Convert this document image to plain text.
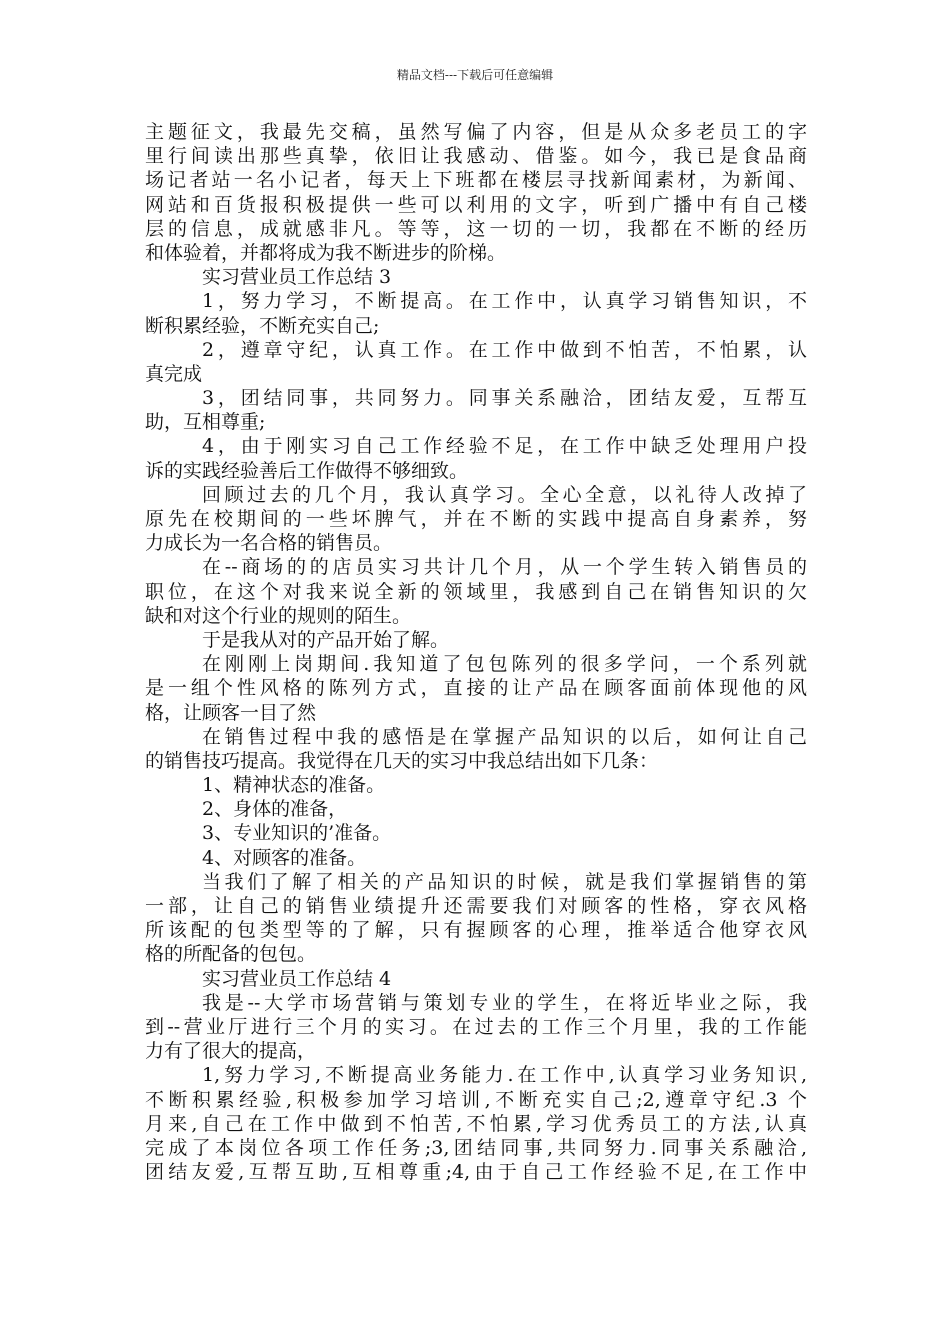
精品文档---下载后可任意编辑
主题征文，我最先交稿，虽然写偏了内容，但是从众多老员工的字
里行间读出那些真挚，依旧让我感动、借鉴。如今，我已是食品商
场记者站一名小记者，每天上下班都在楼层寻找新闻素材，为新闻、
网站和百货报积极提供一些可以利用的文字，听到广播中有自己楼
层的信息，成就感非凡。等等，这一切的一切，我都在不断的经历
和体验着，并都将成为我不断进步的阶梯。
实习营业员工作总结 3
1，努力学习，不断提高。在工作中，认真学习销售知识，不
断积累经验，不断充实自己;
2，遵章守纪，认真工作。在工作中做到不怕苦，不怕累，认
真完成
3，团结同事，共同努力。同事关系融洽，团结友爱，互帮互
助，互相尊重;
4，由于刚实习自己工作经验不足，在工作中缺乏处理用户投
诉的实践经验善后工作做得不够细致。
回顾过去的几个月，我认真学习。全心全意，以礼待人改掉了
原先在校期间的一些坏脾气，并在不断的实践中提高自身素养，努
力成长为一名合格的销售员。
在--商场的的店员实习共计几个月，从一个学生转入销售员的
职位，在这个对我来说全新的领域里，我感到自己在销售知识的欠
缺和对这个行业的规则的陌生。
于是我从对的产品开始了解。
在刚刚上岗期间.我知道了包包陈列的很多学问，一个系列就
是一组个性风格的陈列方式，直接的让产品在顾客面前体现他的风
格，让顾客一目了然
在销售过程中我的感悟是在掌握产品知识的以后，如何让自己
的销售技巧提高。我觉得在几天的实习中我总结出如下几条：
1、精神状态的准备。
2、身体的准备，
3、专业知识的’准备。
4、对顾客的准备。
当我们了解了相关的产品知识的时候，就是我们掌握销售的第
一部，让自己的销售业绩提升还需要我们对顾客的性格，穿衣风格
所该配的包类型等的了解，只有握顾客的心理，推举适合他穿衣风
格的所配备的包包。
实习营业员工作总结 4
我是--大学市场营销与策划专业的学生，在将近毕业之际，我
到--营业厅进行三个月的实习。在过去的工作三个月里，我的工作能
力有了很大的提高，
1,努力学习,不断提高业务能力.在工作中,认真学习业务知识,
不断积累经验,积极参加学习培训,不断充实自己;2,遵章守纪.3 个
月来,自己在工作中做到不怕苦,不怕累,学习优秀员工的方法,认真
完成了本岗位各项工作任务;3,团结同事,共同努力.同事关系融洽,
团结友爱,互帮互助,互相尊重;4,由于自己工作经验不足,在工作中
